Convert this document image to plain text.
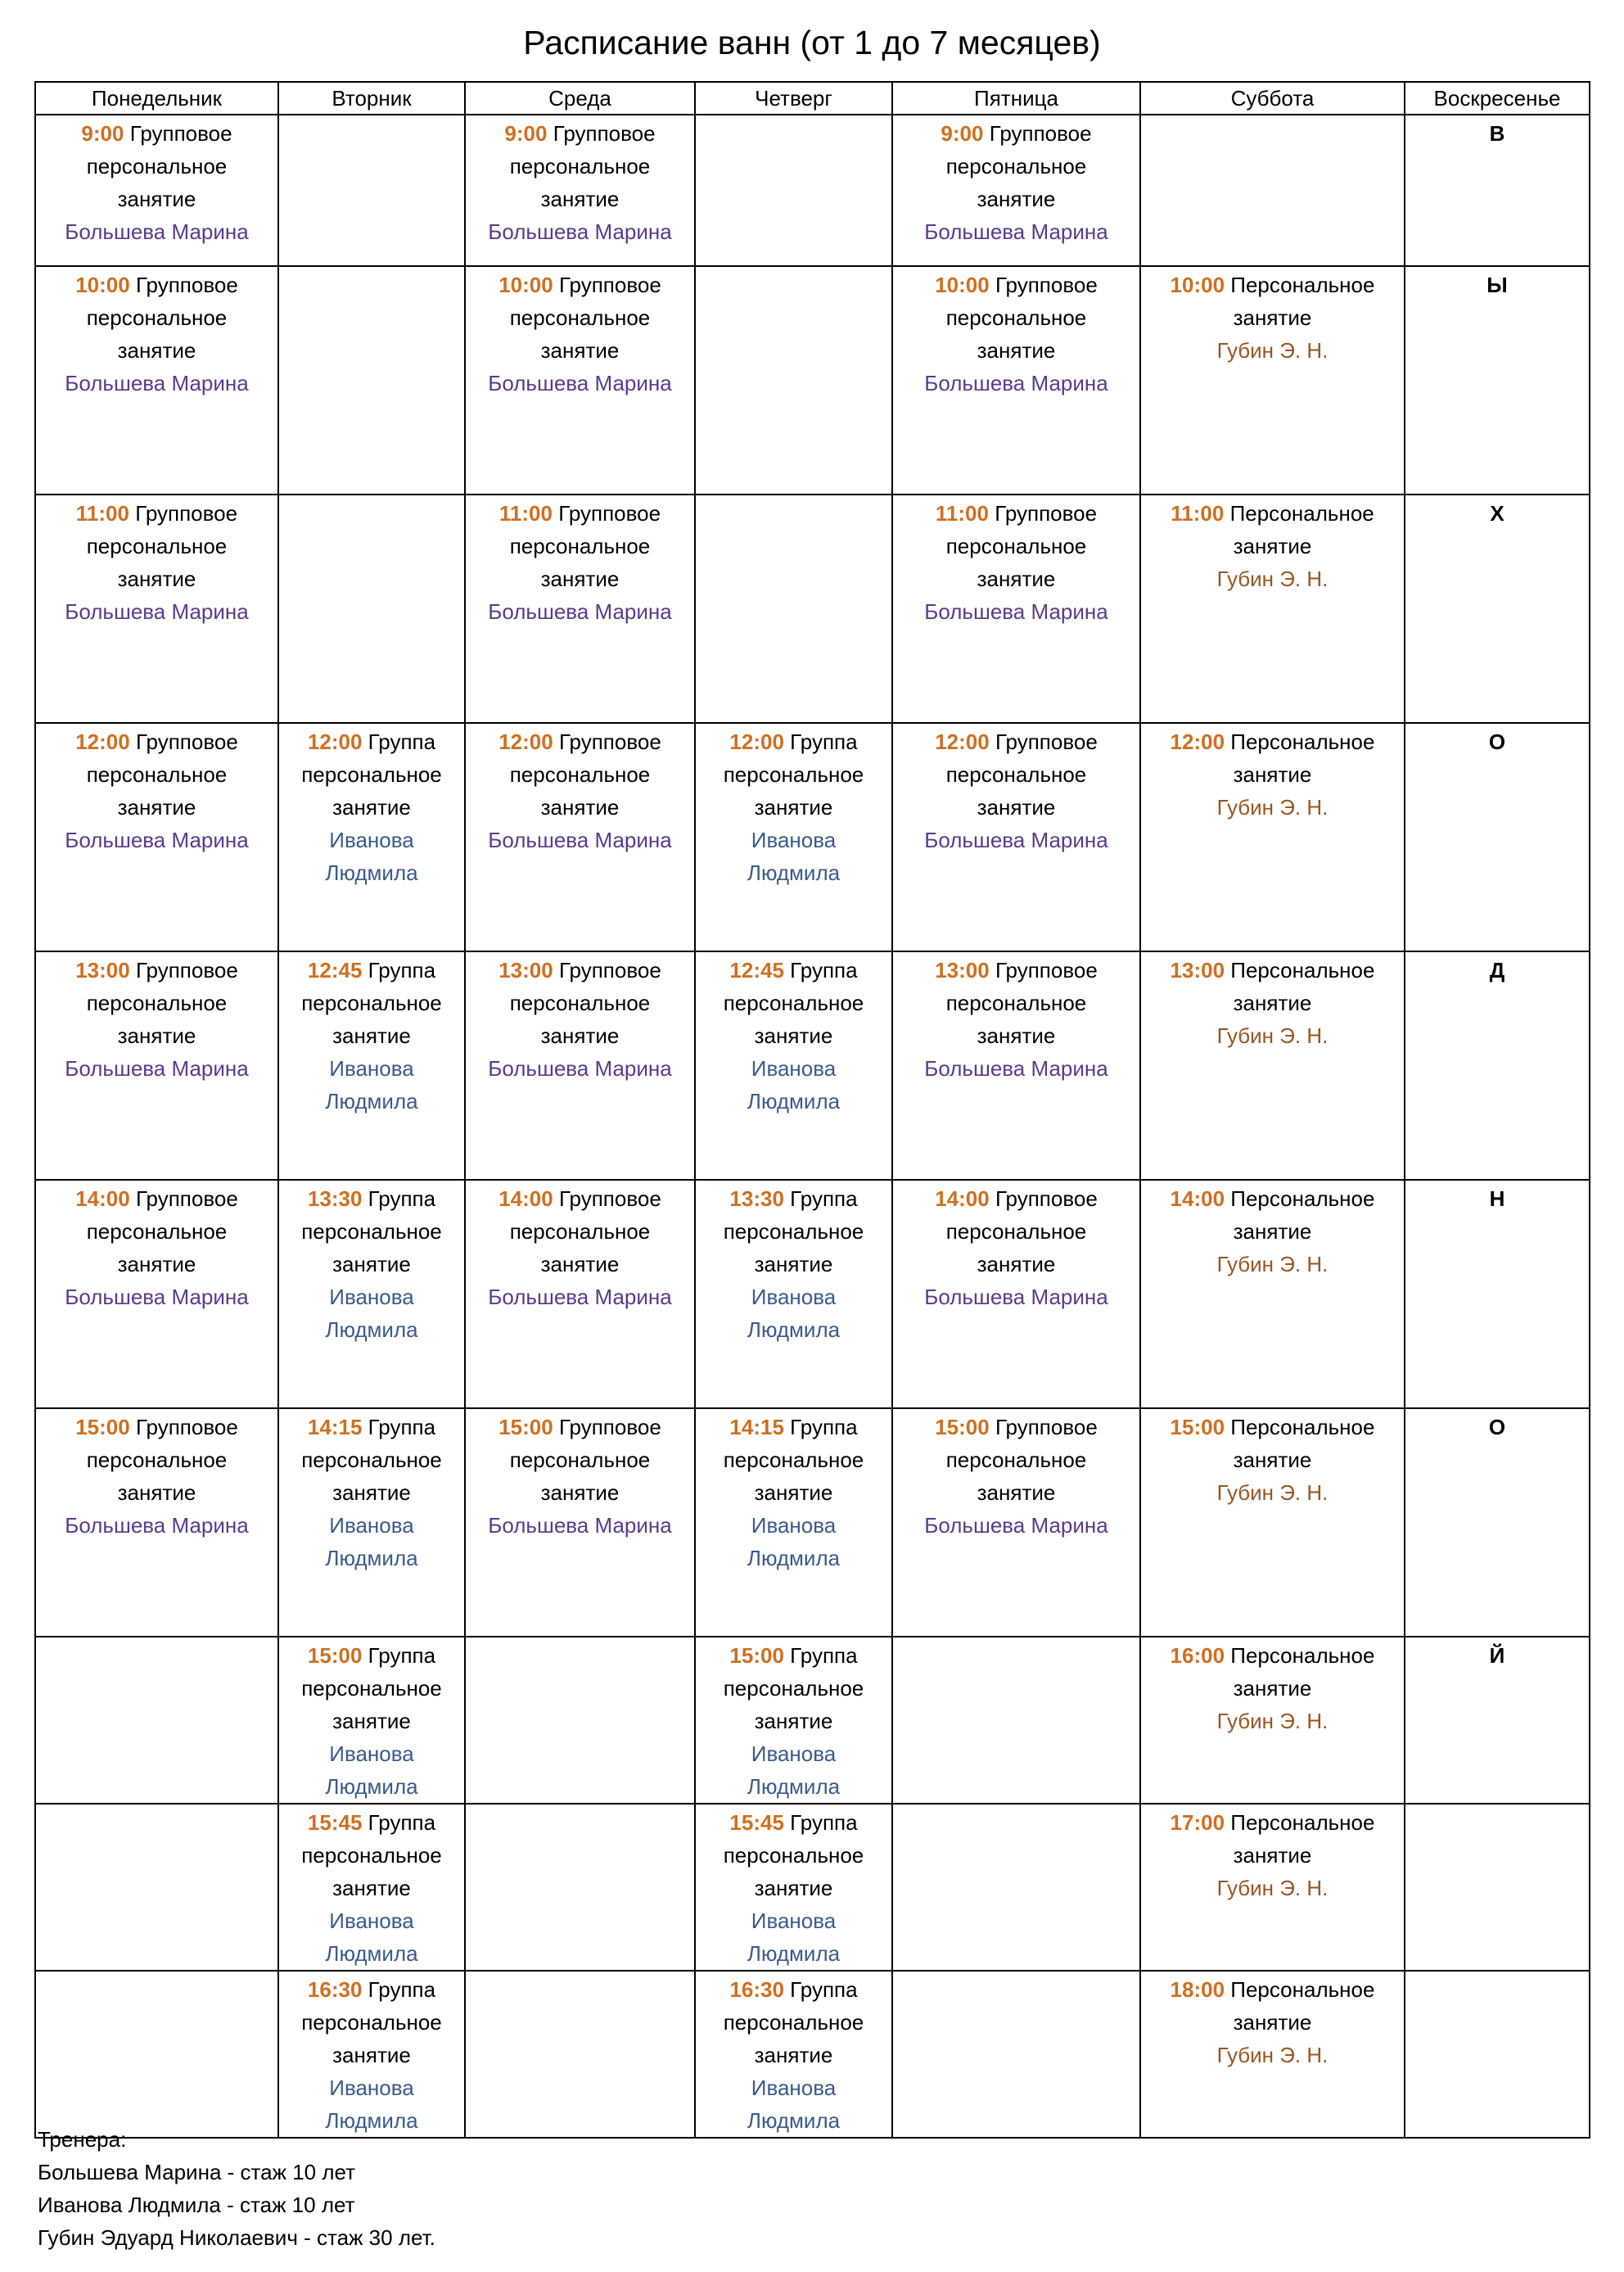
Расписание ванн (от 1 до 7 месяцев)
Понедельник	Вторник	Среда	Четверг	Пятница	Суббота	Воскресенье

9:00 Групповое
персональное
занятие
Большева Марина		9:00 Групповое
персональное
занятие
Большева Марина		9:00 Групповое
персональное
занятие
Большева Марина		В

10:00 Групповое
персональное
занятие
Большева Марина		10:00 Групповое
персональное
занятие
Большева Марина		10:00 Групповое
персональное
занятие
Большева Марина	10:00 Персональное
занятие
Губин Э. Н.	Ы

11:00 Групповое
персональное
занятие
Большева Марина		11:00 Групповое
персональное
занятие
Большева Марина		11:00 Групповое
персональное
занятие
Большева Марина	11:00 Персональное
занятие
Губин Э. Н.	Х

12:00 Групповое
персональное
занятие
Большева Марина	12:00 Группа
персональное
занятие
Иванова
Людмила	12:00 Групповое
персональное
занятие
Большева Марина	12:00 Группа
персональное
занятие
Иванова
Людмила	12:00 Групповое
персональное
занятие
Большева Марина	12:00 Персональное
занятие
Губин Э. Н.	О

13:00 Групповое
персональное
занятие
Большева Марина	12:45 Группа
персональное
занятие
Иванова
Людмила	13:00 Групповое
персональное
занятие
Большева Марина	12:45 Группа
персональное
занятие
Иванова
Людмила	13:00 Групповое
персональное
занятие
Большева Марина	13:00 Персональное
занятие
Губин Э. Н.	Д

14:00 Групповое
персональное
занятие
Большева Марина	13:30 Группа
персональное
занятие
Иванова
Людмила	14:00 Групповое
персональное
занятие
Большева Марина	13:30 Группа
персональное
занятие
Иванова
Людмила	14:00 Групповое
персональное
занятие
Большева Марина	14:00 Персональное
занятие
Губин Э. Н.	Н

15:00 Групповое
персональное
занятие
Большева Марина	14:15 Группа
персональное
занятие
Иванова
Людмила	15:00 Групповое
персональное
занятие
Большева Марина	14:15 Группа
персональное
занятие
Иванова
Людмила	15:00 Групповое
персональное
занятие
Большева Марина	15:00 Персональное
занятие
Губин Э. Н.	О

	15:00 Группа
персональное
занятие
Иванова
Людмила		15:00 Группа
персональное
занятие
Иванова
Людмила		16:00 Персональное
занятие
Губин Э. Н.	Й

	15:45 Группа
персональное
занятие
Иванова
Людмила		15:45 Группа
персональное
занятие
Иванова
Людмила		17:00 Персональное
занятие
Губин Э. Н.	

	16:30 Группа
персональное
занятие
Иванова
Людмила		16:30 Группа
персональное
занятие
Иванова
Людмила		18:00 Персональное
занятие
Губин Э. Н.	

Тренера:
Большева Марина - стаж 10 лет
Иванова Людмила - стаж 10 лет
Губин Эдуард Николаевич - стаж 30 лет.
